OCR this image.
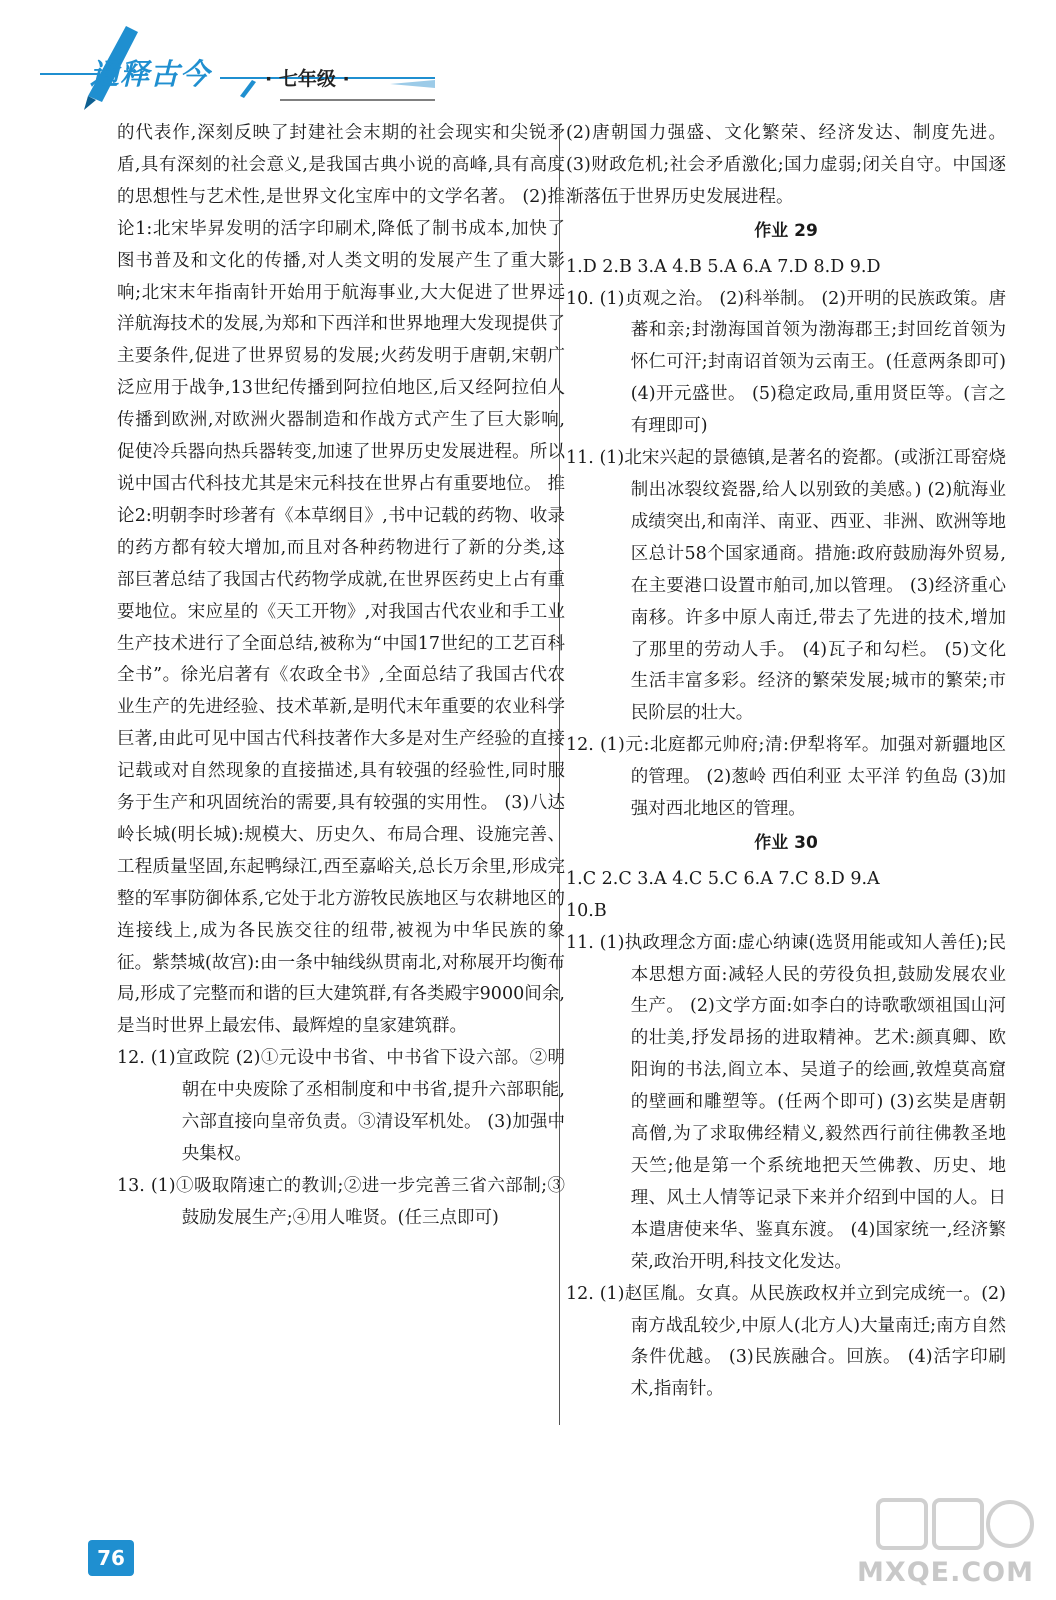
通释古今	· 七年级 ·

的代表作,深刻反映了封建社会末期的社会现实和尖锐矛盾,具有深刻的社会意义,是我国古典小说的高峰,具有高度的思想性与艺术性,是世界文化宝库中的文学名著。 (2)推论1:北宋毕昇发明的活字印刷术,降低了制书成本,加快了图书普及和文化的传播,对人类文明的发展产生了重大影响;北宋末年指南针开始用于航海事业,大大促进了世界远洋航海技术的发展,为郑和下西洋和世界地理大发现提供了主要条件,促进了世界贸易的发展;火药发明于唐朝,宋朝广泛应用于战争,13世纪传播到阿拉伯地区,后又经阿拉伯人传播到欧洲,对欧洲火器制造和作战方式产生了巨大影响,促使冷兵器向热兵器转变,加速了世界历史发展进程。所以说中国古代科技尤其是宋元科技在世界占有重要地位。 推论2:明朝李时珍著有《本草纲目》,书中记载的药物、收录的药方都有较大增加,而且对各种药物进行了新的分类,这部巨著总结了我国古代药物学成就,在世界医药史上占有重要地位。宋应星的《天工开物》,对我国古代农业和手工业生产技术进行了全面总结,被称为“中国17世纪的工艺百科全书”。徐光启著有《农政全书》,全面总结了我国古代农业生产的先进经验、技术革新,是明代末年重要的农业科学巨著,由此可见中国古代科技著作大多是对生产经验的直接记载或对自然现象的直接描述,具有较强的经验性,同时服务于生产和巩固统治的需要,具有较强的实用性。 (3)八达岭长城(明长城):规模大、历史久、布局合理、设施完善、工程质量坚固,东起鸭绿江,西至嘉峪关,总长万余里,形成完整的军事防御体系,它处于北方游牧民族地区与农耕地区的连接线上,成为各民族交往的纽带,被视为中华民族的象征。紫禁城(故宫):由一条中轴线纵贯南北,对称展开均衡布局,形成了完整而和谐的巨大建筑群,有各类殿宇9000间余,是当时世界上最宏伟、最辉煌的皇家建筑群。

12. (1)宣政院 (2)①元设中书省、中书省下设六部。②明朝在中央废除了丞相制度和中书省,提升六部职能,六部直接向皇帝负责。③清设军机处。 (3)加强中央集权。

13. (1)①吸取隋速亡的教训;②进一步完善三省六部制;③鼓励发展生产;④用人唯贤。(任三点即可)

(2)唐朝国力强盛、文化繁荣、经济发达、制度先进。 (3)财政危机;社会矛盾激化;国力虚弱;闭关自守。中国逐渐落伍于世界历史发展进程。

作业 29

1.D 2.B 3.A 4.B 5.A 6.A 7.D 8.D 9.D

10. (1)贞观之治。 (2)科举制。 (2)开明的民族政策。唐蕃和亲;封渤海国首领为渤海郡王;封回纥首领为怀仁可汗;封南诏首领为云南王。(任意两条即可) (4)开元盛世。 (5)稳定政局,重用贤臣等。(言之有理即可)

11. (1)北宋兴起的景德镇,是著名的瓷都。(或浙江哥窑烧制出冰裂纹瓷器,给人以别致的美感。) (2)航海业成绩突出,和南洋、南亚、西亚、非洲、欧洲等地区总计58个国家通商。措施:政府鼓励海外贸易,在主要港口设置市舶司,加以管理。 (3)经济重心南移。许多中原人南迁,带去了先进的技术,增加了那里的劳动人手。 (4)瓦子和勾栏。 (5)文化生活丰富多彩。经济的繁荣发展;城市的繁荣;市民阶层的壮大。

12. (1)元:北庭都元帅府;清:伊犁将军。加强对新疆地区的管理。 (2)葱岭 西伯利亚 太平洋 钓鱼岛 (3)加强对西北地区的管理。

作业 30

1.C 2.C 3.A 4.C 5.C 6.A 7.C 8.D 9.A

10.B

11. (1)执政理念方面:虚心纳谏(选贤用能或知人善任);民本思想方面:减轻人民的劳役负担,鼓励发展农业生产。 (2)文学方面:如李白的诗歌歌颂祖国山河的壮美,抒发昂扬的进取精神。艺术:颜真卿、欧阳询的书法,阎立本、吴道子的绘画,敦煌莫高窟的壁画和雕塑等。(任两个即可) (3)玄奘是唐朝高僧,为了求取佛经精义,毅然西行前往佛教圣地天竺;他是第一个系统地把天竺佛教、历史、地理、风土人情等记录下来并介绍到中国的人。日本遣唐使来华、鉴真东渡。 (4)国家统一,经济繁荣,政治开明,科技文化发达。

12. (1)赵匡胤。女真。从民族政权并立到完成统一。(2)南方战乱较少,中原人(北方人)大量南迁;南方自然条件优越。 (3)民族融合。回族。 (4)活字印刷术,指南针。

76	MXQE.COM
